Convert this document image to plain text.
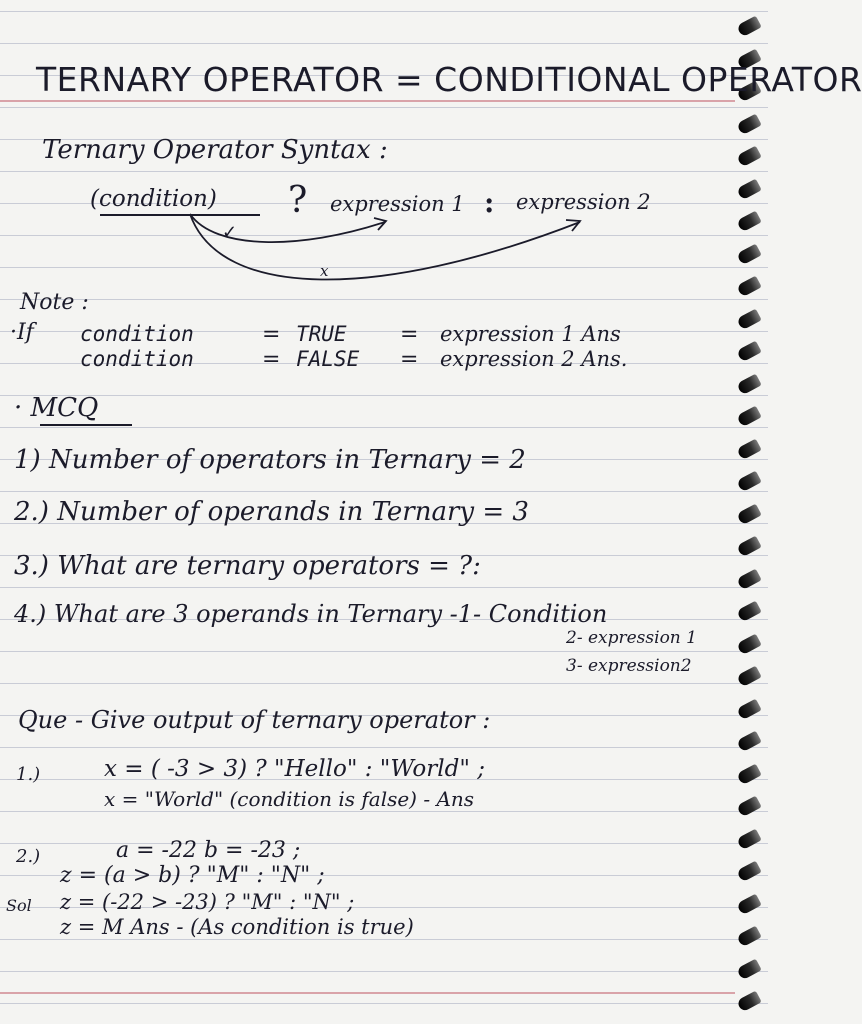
TERNARY OPERATOR = CONDITIONAL OPERATOR
Ternary Operator Syntax :
(condition) ? expression 1 : expression 2
✓
x
Note :
·If condition	= TRUE = expression 1 Ans
condition	= FALSE = expression 2 Ans.
· MCQ
1) Number of operators in Ternary = 2
2.) Number of operands in Ternary = 3
3.) What are ternary operators = ?:
4.) What are 3 operands in Ternary -1- Condition
2- expression 1
3- expression2
Que - Give output of ternary operator :
1.)	x = ( -3 > 3) ? "Hello" : "World" ;
x = "World" (condition is false) - Ans
2.)	a = -22 b = -23 ;
z = (a > b) ? "M" : "N" ;
Sol z = (-22 > -23) ? "M" : "N" ;
z = M Ans - (As condition is true)
